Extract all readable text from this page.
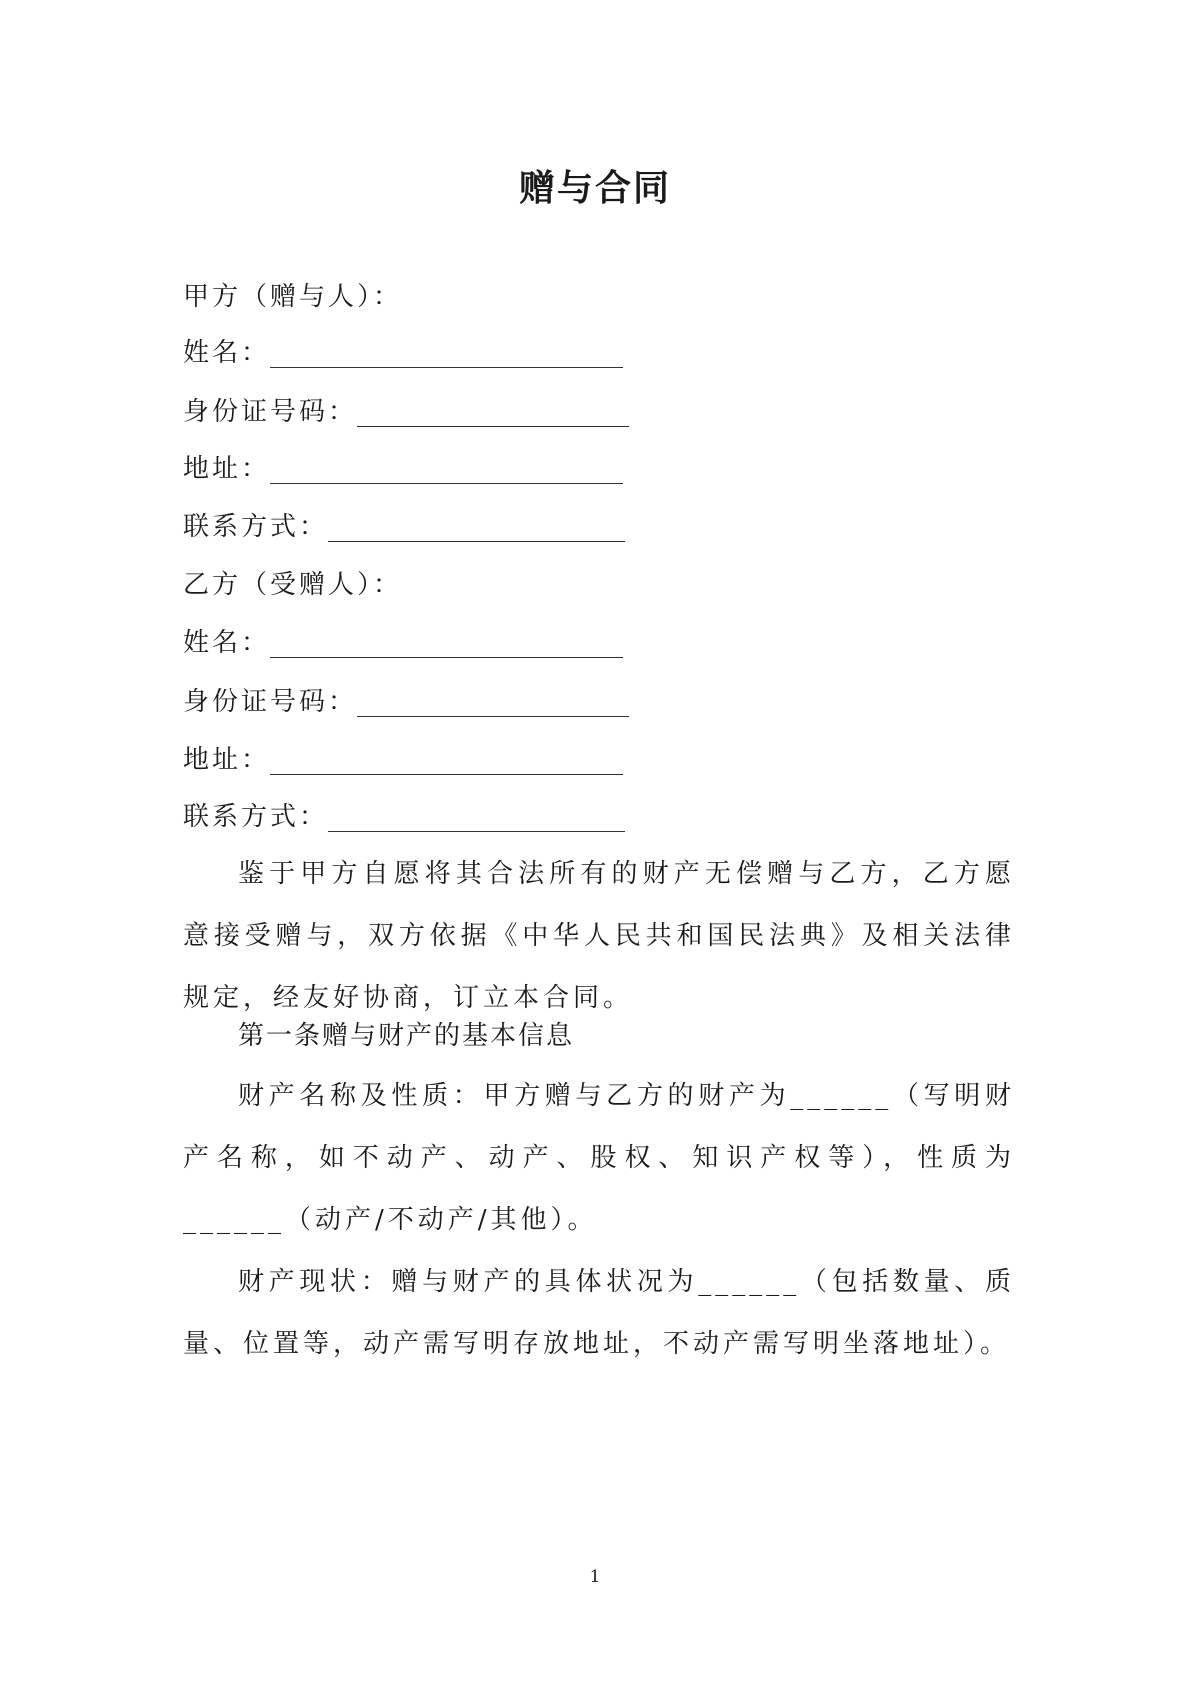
赠与合同
甲方（赠与人）：
姓名：
身份证号码：
地址：
联系方式：
乙方（受赠人）：
姓名：
身份证号码：
地址：
联系方式：
鉴于甲方自愿将其合法所有的财产无偿赠与乙方，乙方愿意接受赠与，双方依据《中华人民共和国民法典》及相关法律规定，经友好协商，订立本合同。
第一条赠与财产的基本信息
财产名称及性质：甲方赠与乙方的财产为______（写明财产名称，如不动产、动产、股权、知识产权等），性质为______（动产/不动产/其他）。
财产现状：赠与财产的具体状况为______（包括数量、质量、位置等，动产需写明存放地址，不动产需写明坐落地址）。
1
